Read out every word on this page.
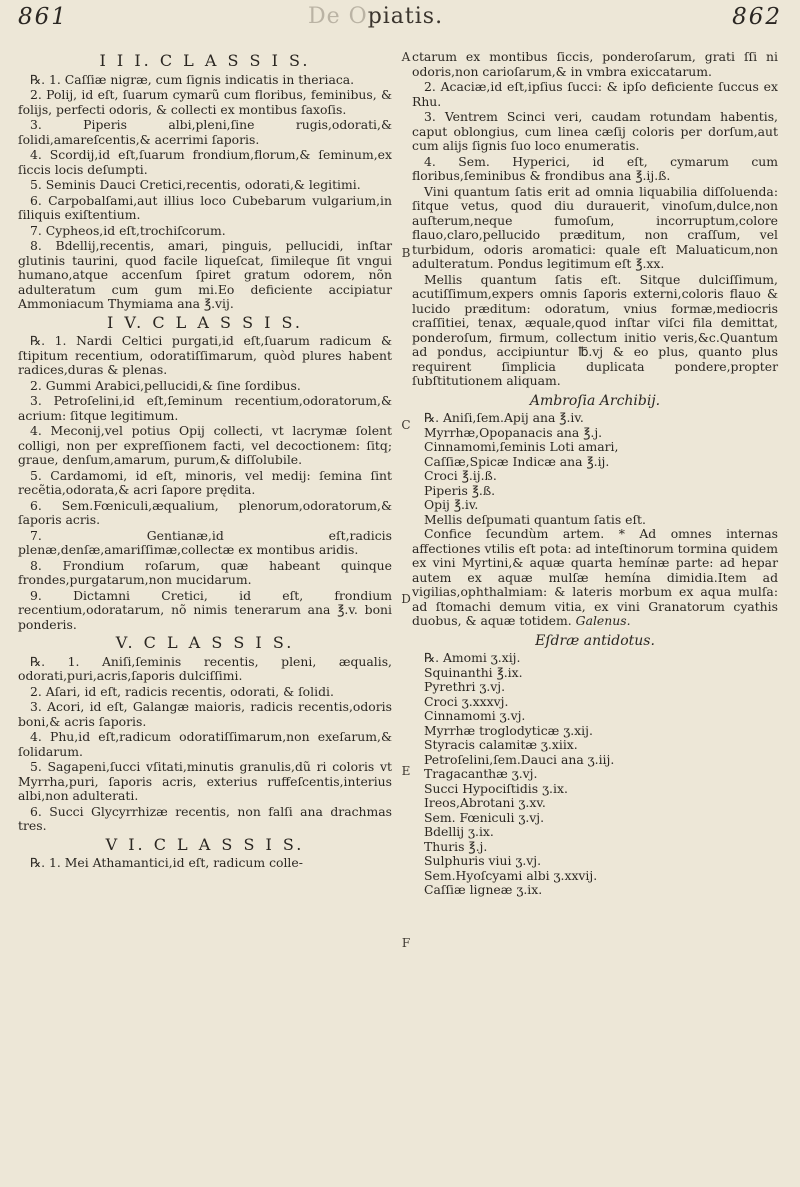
861	De Opiatis.	862
A
B
C
D
E
F
I I I. C L A S S I S.

℞. 1. Caſſiæ nigræ, cum ſignis indicatis in theriaca.

2. Polij, id eſt, ſuarum cymarũ cum floribus, feminibus, & folijs, perfecti odoris, & collecti ex montibus ſaxoſis.

3. Piperis albi,pleni,ſine rugis,odorati,& ſolidi,amareſcentis,& acerrimi ſaporis.

4. Scordij,id eſt,ſuarum frondium,florum,& ſeminum,ex ſiccis locis deſumpti.

5. Seminis Dauci Cretici,recentis, odorati,& legitimi.

6. Carpobalſami,aut illius loco Cubebarum vulgarium,in ſiliquis exiſtentium.

7. Cypheos,id eſt,trochiſcorum.

8. Bdellij,recentis, amari, pinguis, pellucidi, inſtar glutinis taurini, quod facile liqueſcat, ſimileque ſit vngui humano,atque accenſum ſpiret gratum odorem, nõn adulteratum cum gum mi.Eo deficiente accipiatur Ammoniacum Thymiama ana ℥.vij.

I V. C L A S S I S.

℞. 1. Nardi Celtici purgati,id eſt,ſuarum radicum & ſtipitum recentium, odoratiſſimarum, quòd plures habent radices,duras & plenas.

2. Gummi Arabici,pellucidi,& ſine ſordibus.

3. Petroſelini,id eſt,ſeminum recentium,odoratorum,& acrium: ſitque legitimum.

4. Meconij,vel potius Opij collecti, vt lacrymæ ſolent colligi, non per expreſſionem facti, vel decoctionem: ſitq; graue, denſum,amarum, purum,& diſſolubile.

5. Cardamomi, id eſt, minoris, vel medij: ſemina ſint recẽtia,odorata,& acri ſapore prędita.

6. Sem.Fœniculi,æqualium, plenorum,odoratorum,& ſaporis acris.

7. Gentianæ,id eſt,radicis plenæ,denſæ,amariſſimæ,collectæ ex montibus aridis.

8. Frondium roſarum, quæ habeant quinque frondes,purgatarum,non mucidarum.

9. Dictamni Cretici, id eſt, frondium recentium,odoratarum, nõ nimis tenerarum ana ℥.v. boni ponderis.

V. C L A S S I S.

℞. 1. Aniſi,ſeminis recentis, pleni, æqualis, odorati,puri,acris,ſaporis dulciſſimi.

2. Aſari, id eſt, radicis recentis, odorati, & ſolidi.

3. Acori, id eſt, Galangæ maioris, radicis recentis,odoris boni,& acris ſaporis.

4. Phu,id eſt,radicum odoratiſſimarum,non exeſarum,& ſolidarum.

5. Sagapeni,ſucci vſitati,minutis granulis,dũ ri coloris vt Myrrha,puri, ſaporis acris, exterius ruffeſcentis,interius albi,non adulterati.

6. Succi Glycyrrhizæ recentis, non falſi ana drachmas tres.

V I. C L A S S I S.

℞. 1. Mei Athamantici,id eſt, radicum colle-

ctarum ex montibus ſiccis, ponderoſarum, grati ſſi ni odoris,non carioſarum,& in vmbra exiccatarum.

2. Acaciæ,id eſt,ipſius ſucci: & ipſo deficiente ſuccus ex Rhu.

3. Ventrem Scinci veri, caudam rotundam habentis, caput oblongius, cum linea cæſij coloris per dorſum,aut cum alijs ſignis ſuo loco enumeratis.

4. Sem. Hyperici, id eſt, cymarum cum floribus,ſeminibus & frondibus ana ℥.ij.ß.

Vini quantum ſatis erit ad omnia liquabilia diſſoluenda: ſitque vetus, quod diu durauerit, vinoſum,dulce,non auſterum,neque fumoſum, incorruptum,colore flauo,claro,pellucido præditum, non craſſum, vel turbidum, odoris aromatici: quale eſt Maluaticum,non adulteratum. Pondus legitimum eſt ℥.xx.

Mellis quantum ſatis eſt. Sitque dulciſſimum, acutiſſimum,expers omnis ſaporis externi,coloris flauo & lucido præditum: odoratum, vnius formæ,mediocris craſſitiei, tenax, æquale,quod inſtar viſci fila demittat, ponderoſum, firmum, collectum initio veris,&c.Quantum ad pondus, accipiuntur ℔.vj & eo plus, quanto plus requirent ſimplicia duplicata pondere,propter ſubſtitutionem aliquam.

Ambroſia Archibij.

℞. Aniſi,ſem.Apij ana ℥.iv.

Myrrhæ,Opopanacis ana ℥.j.

Cinnamomi,ſeminis Loti amari,

Caſſiæ,Spicæ Indicæ ana ℥.ij.

Croci ℥.ij.ß.

Piperis ℥.ß.

Opij ℥.iv.

Mellis deſpumati quantum ſatis eſt.

Confice ſecundùm artem. * Ad omnes internas affectiones vtilis eſt pota: ad inteſtinorum tormina quidem ex vini Myrtini,& aquæ quarta hemínæ parte: ad hepar autem ex aquæ mulſæ hemína dimidia.Item ad vigilias,ophthalmiam: & lateris morbum ex aqua mulſa: ad ſtomachi demum vitia, ex vini Granatorum cyathis duobus, & aquæ totidem. Galenus.

Eſdræ antidotus.

℞. Amomi ʒ.xij.

Squinanthi ℥.ix.

Pyrethri ʒ.vj.

Croci ʒ.xxxvj.

Cinnamomi ʒ.vj.

Myrrhæ troglodyticæ ʒ.xij.

Styracis calamitæ ʒ.xiix.

Petroſelini,ſem.Dauci ana ʒ.iij.

Tragacanthæ ʒ.vj.

Succi Hypociſtidis ʒ.ix.

Ireos,Abrotani ʒ.xv.

Sem. Fœniculi ʒ.vj.

Bdellij ʒ.ix.

Thuris ℥.j.

Sulphuris viui ʒ.vj.

Sem.Hyoſcyami albi ʒ.xxvij.

Caſſiæ ligneæ ʒ.ix.
